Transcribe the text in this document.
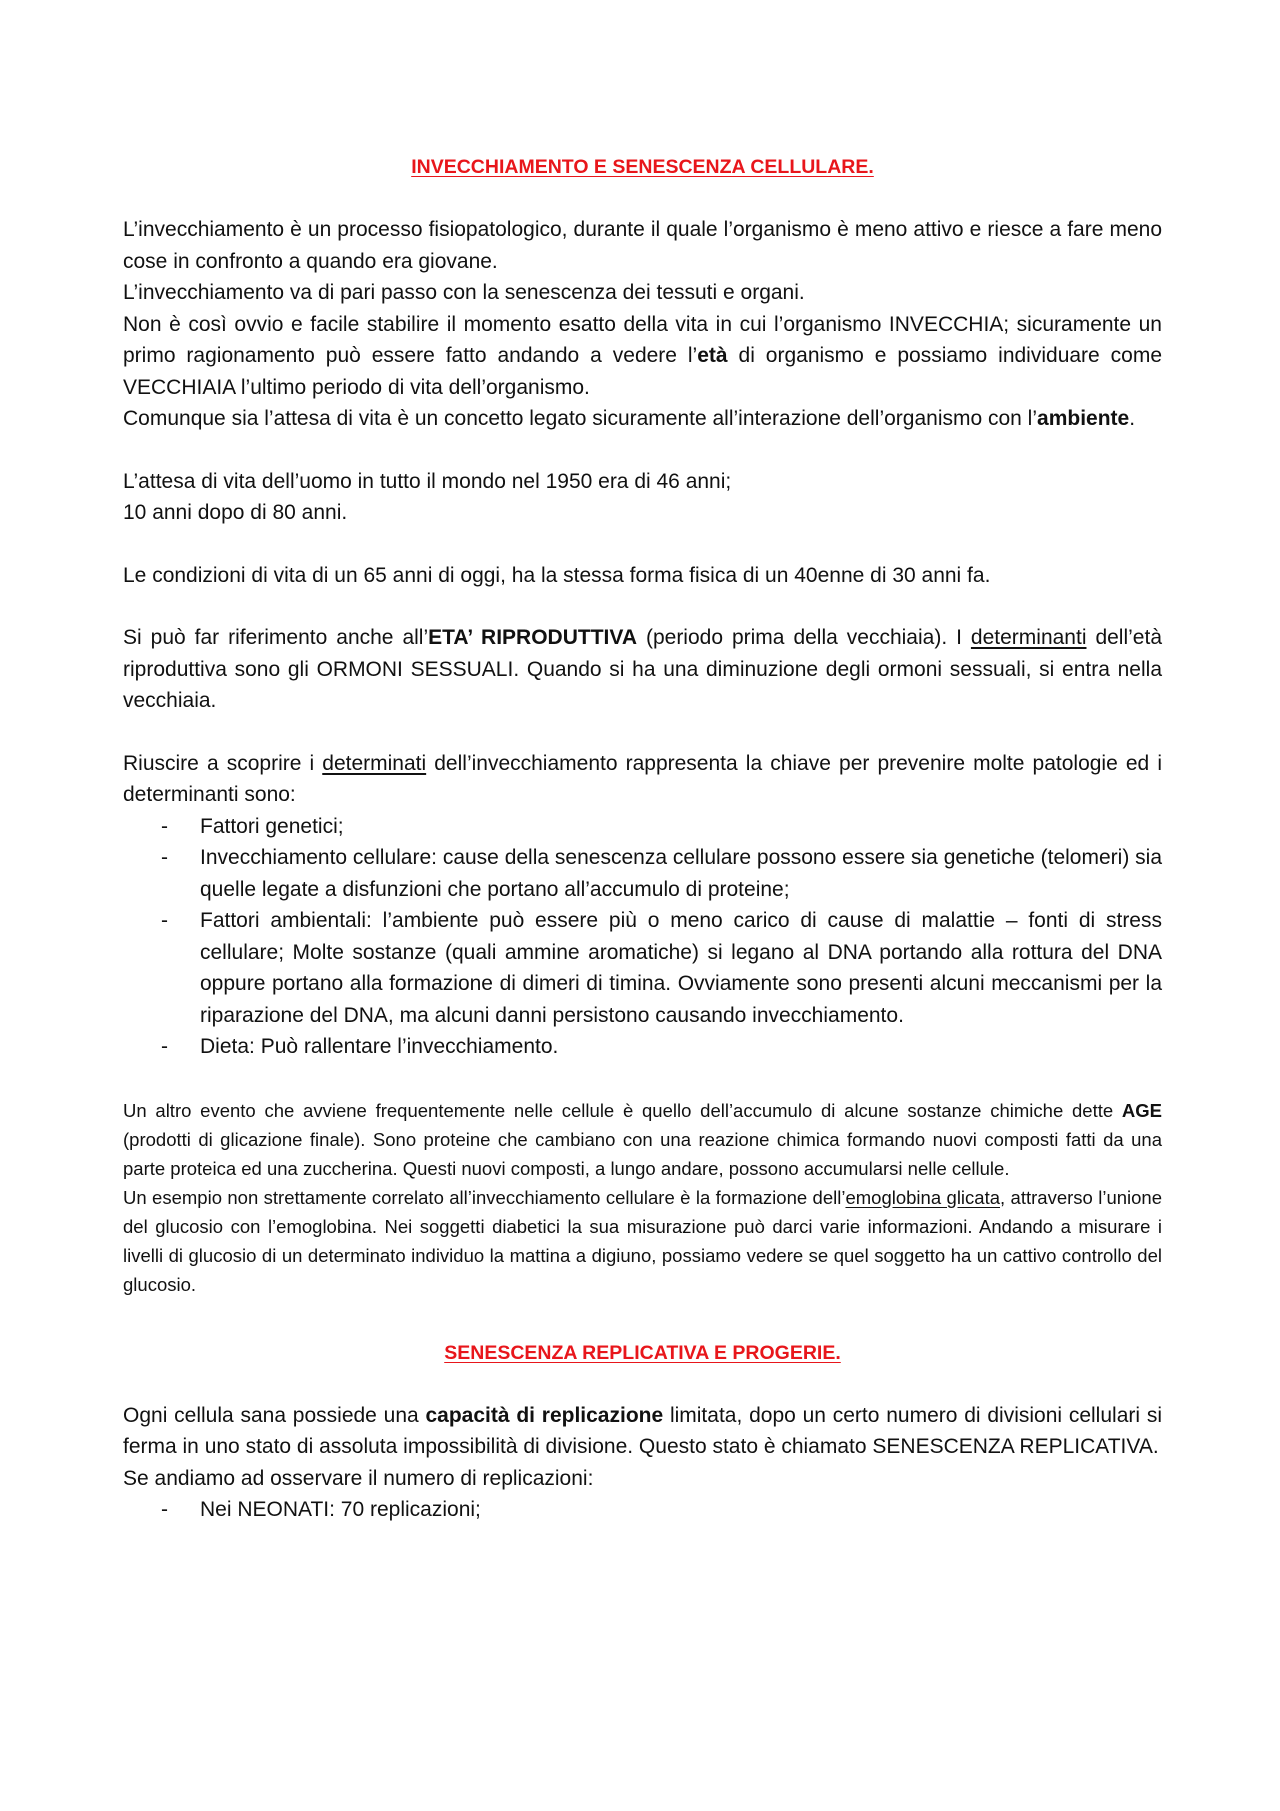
INVECCHIAMENTO E SENESCENZA CELLULARE.

L’invecchiamento è un processo fisiopatologico, durante il quale l’organismo è meno attivo e riesce a fare meno cose in confronto a quando era giovane.

L’invecchiamento va di pari passo con la senescenza dei tessuti e organi.

Non è così ovvio e facile stabilire il momento esatto della vita in cui l’organismo INVECCHIA; sicuramente un primo ragionamento può essere fatto andando a vedere l’età di organismo e possiamo individuare come VECCHIAIA l’ultimo periodo di vita dell’organismo.

Comunque sia l’attesa di vita è un concetto legato sicuramente all’interazione dell’organismo con l’ambiente.

L’attesa di vita dell’uomo in tutto il mondo nel 1950 era di 46 anni;

10 anni dopo di 80 anni.

Le condizioni di vita di un 65 anni di oggi, ha la stessa forma fisica di un 40enne di 30 anni fa.

Si può far riferimento anche all’ETA’ RIPRODUTTIVA (periodo prima della vecchiaia). I determinanti dell’età riproduttiva sono gli ORMONI SESSUALI. Quando si ha una diminuzione degli ormoni sessuali, si entra nella vecchiaia.

Riuscire a scoprire i determinati dell’invecchiamento rappresenta la chiave per prevenire molte patologie ed i determinanti sono:

- Fattori genetici;
- Invecchiamento cellulare: cause della senescenza cellulare possono essere sia genetiche (telomeri) sia quelle legate a disfunzioni che portano all’accumulo di proteine;
- Fattori ambientali: l’ambiente può essere più o meno carico di cause di malattie – fonti di stress cellulare; Molte sostanze (quali ammine aromatiche) si legano al DNA portando alla rottura del DNA oppure portano alla formazione di dimeri di timina. Ovviamente sono presenti alcuni meccanismi per la riparazione del DNA, ma alcuni danni persistono causando invecchiamento.
- Dieta: Può rallentare l’invecchiamento.

Un altro evento che avviene frequentemente nelle cellule è quello dell’accumulo di alcune sostanze chimiche dette AGE (prodotti di glicazione finale). Sono proteine che cambiano con una reazione chimica formando nuovi composti fatti da una parte proteica ed una zuccherina. Questi nuovi composti, a lungo andare, possono accumularsi nelle cellule.

Un esempio non strettamente correlato all’invecchiamento cellulare è la formazione dell’emoglobina glicata, attraverso l’unione del glucosio con l’emoglobina. Nei soggetti diabetici la sua misurazione può darci varie informazioni. Andando a misurare i livelli di glucosio di un determinato individuo la mattina a digiuno, possiamo vedere se quel soggetto ha un cattivo controllo del glucosio.

SENESCENZA REPLICATIVA E PROGERIE.

Ogni cellula sana possiede una capacità di replicazione limitata, dopo un certo numero di divisioni cellulari si ferma in uno stato di assoluta impossibilità di divisione. Questo stato è chiamato SENESCENZA REPLICATIVA.

Se andiamo ad osservare il numero di replicazioni:

- Nei NEONATI: 70 replicazioni;
